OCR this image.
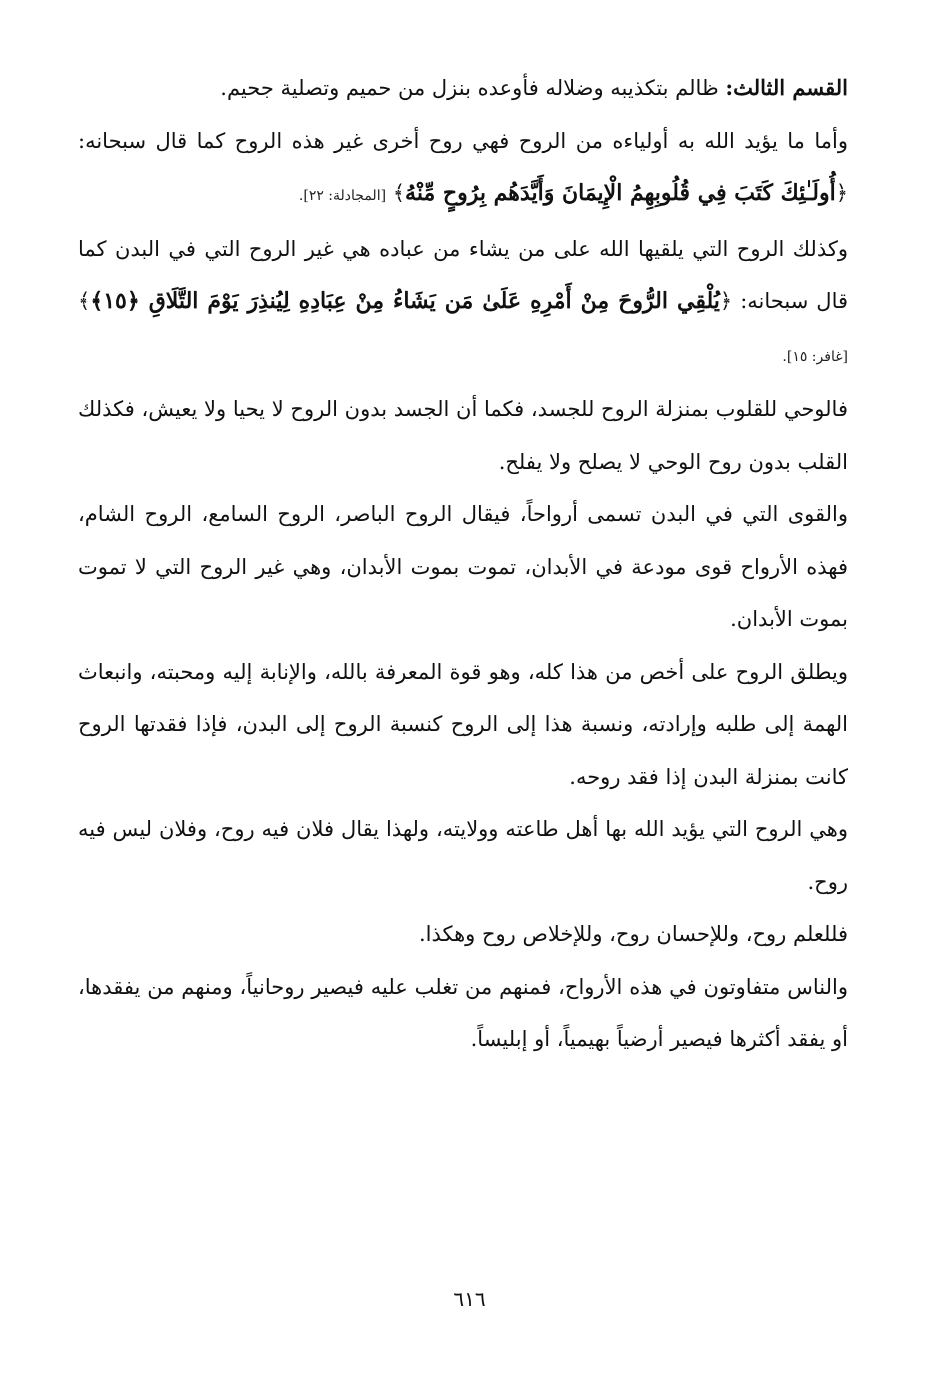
القسم الثالث: ظالم بتكذيبه وضلاله فأوعده بنزل من حميم وتصلية جحيم.

وأما ما يؤيد الله به أولياءه من الروح فهي روح أخرى غير هذه الروح كما قال سبحانه: ﴿أُولَـٰئِكَ كَتَبَ فِي قُلُوبِهِمُ الْإِيمَانَ وَأَيَّدَهُم بِرُوحٍ مِّنْهُ﴾ [المجادلة: ٢٢].

وكذلك الروح التي يلقيها الله على من يشاء من عباده هي غير الروح التي في البدن كما قال سبحانه: ﴿يُلْقِي الرُّوحَ مِنْ أَمْرِهِ عَلَىٰ مَن يَشَاءُ مِنْ عِبَادِهِ لِيُنذِرَ يَوْمَ التَّلَاقِ ﴿١٥﴾﴾ [غافر: ١٥].

فالوحي للقلوب بمنزلة الروح للجسد، فكما أن الجسد بدون الروح لا يحيا ولا يعيش، فكذلك القلب بدون روح الوحي لا يصلح ولا يفلح.

والقوى التي في البدن تسمى أرواحاً، فيقال الروح الباصر، الروح السامع، الروح الشام، فهذه الأرواح قوى مودعة في الأبدان، تموت بموت الأبدان، وهي غير الروح التي لا تموت بموت الأبدان.

ويطلق الروح على أخص من هذا كله، وهو قوة المعرفة بالله، والإنابة إليه ومحبته، وانبعاث الهمة إلى طلبه وإرادته، ونسبة هذا إلى الروح كنسبة الروح إلى البدن، فإذا فقدتها الروح كانت بمنزلة البدن إذا فقد روحه.

وهي الروح التي يؤيد الله بها أهل طاعته وولايته، ولهذا يقال فلان فيه روح، وفلان ليس فيه روح.

فللعلم روح، وللإحسان روح، وللإخلاص روح وهكذا.

والناس متفاوتون في هذه الأرواح، فمنهم من تغلب عليه فيصير روحانياً، ومنهم من يفقدها، أو يفقد أكثرها فيصير أرضياً بهيمياً، أو إبليساً.

٦١٦
